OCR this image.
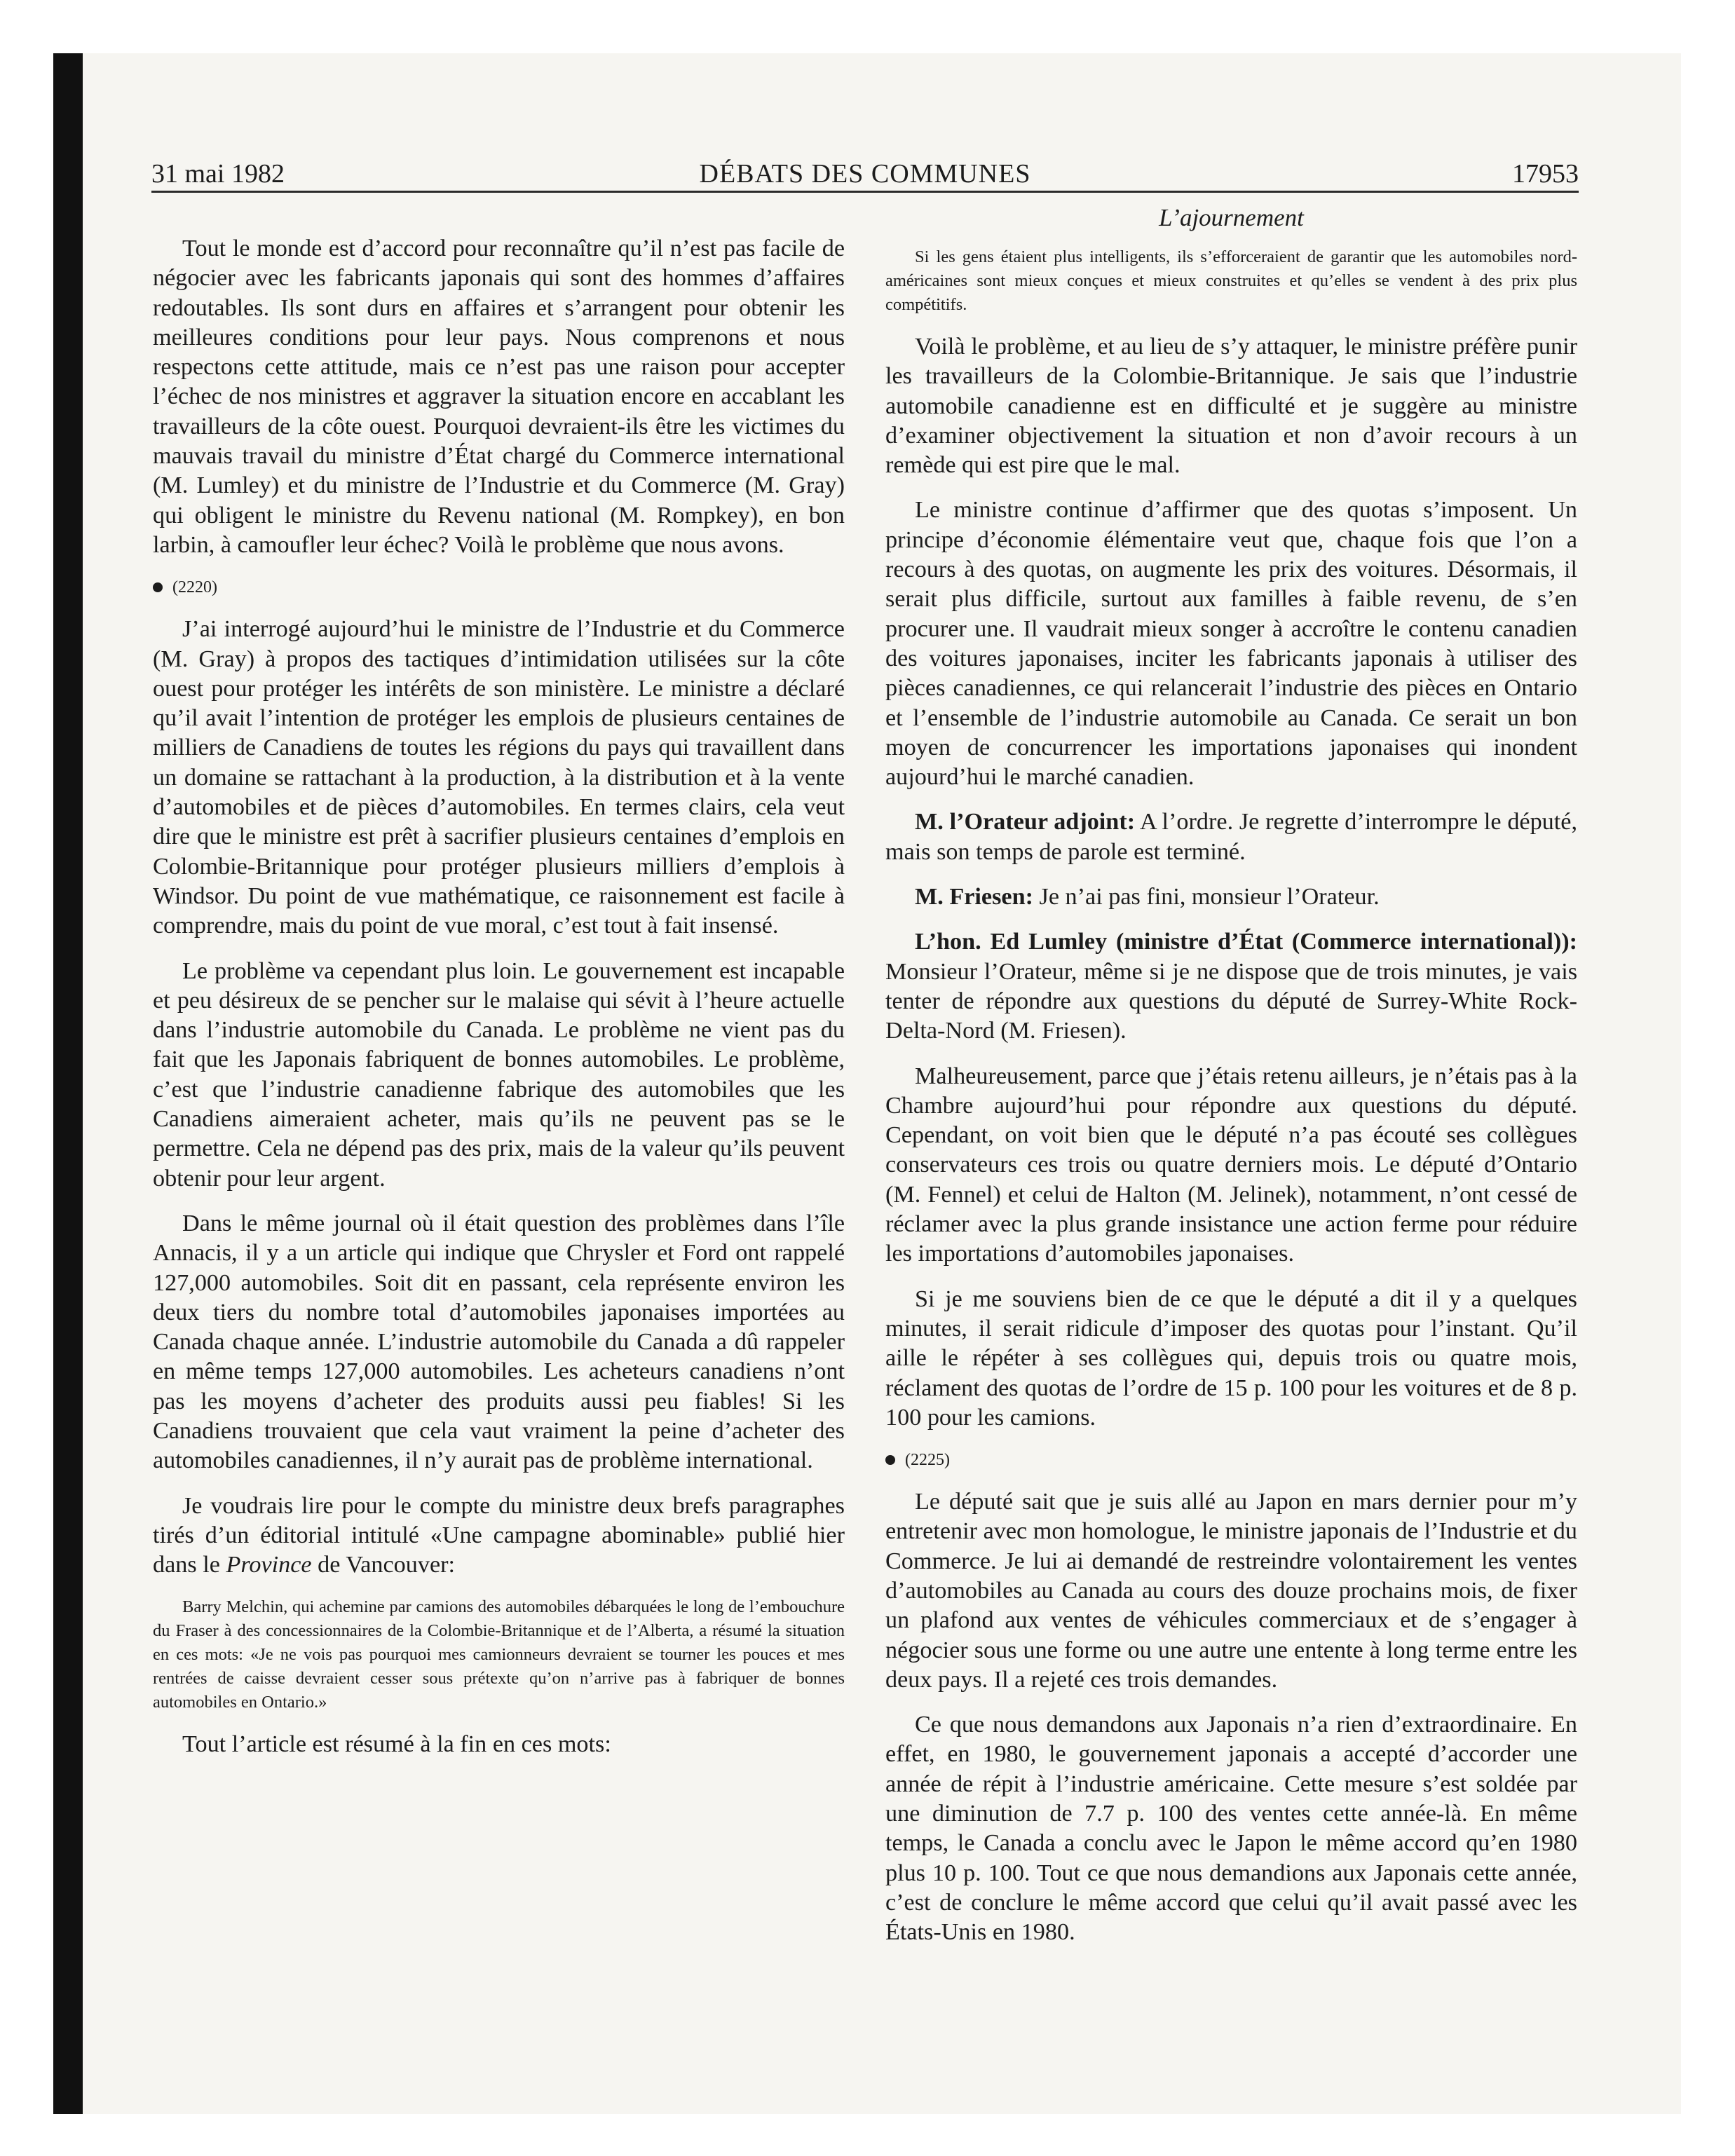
31 mai 1982	DÉBATS DES COMMUNES	17953

Tout le monde est d’accord pour reconnaître qu’il n’est pas facile de négocier avec les fabricants japonais qui sont des hommes d’affaires redoutables. Ils sont durs en affaires et s’arrangent pour obtenir les meilleures conditions pour leur pays. Nous comprenons et nous respectons cette attitude, mais ce n’est pas une raison pour accepter l’échec de nos ministres et aggraver la situation encore en accablant les travailleurs de la côte ouest. Pourquoi devraient-ils être les victimes du mauvais travail du ministre d’État chargé du Commerce international (M. Lumley) et du ministre de l’Industrie et du Commerce (M. Gray) qui obligent le ministre du Revenu national (M. Rompkey), en bon larbin, à camoufler leur échec? Voilà le problème que nous avons.

(2220)

J’ai interrogé aujourd’hui le ministre de l’Industrie et du Commerce (M. Gray) à propos des tactiques d’intimidation utilisées sur la côte ouest pour protéger les intérêts de son ministère. Le ministre a déclaré qu’il avait l’intention de protéger les emplois de plusieurs centaines de milliers de Canadiens de toutes les régions du pays qui travaillent dans un domaine se rattachant à la production, à la distribution et à la vente d’automobiles et de pièces d’automobiles. En termes clairs, cela veut dire que le ministre est prêt à sacrifier plusieurs centaines d’emplois en Colombie-Britannique pour protéger plusieurs milliers d’emplois à Windsor. Du point de vue mathématique, ce raisonnement est facile à comprendre, mais du point de vue moral, c’est tout à fait insensé.

Le problème va cependant plus loin. Le gouvernement est incapable et peu désireux de se pencher sur le malaise qui sévit à l’heure actuelle dans l’industrie automobile du Canada. Le problème ne vient pas du fait que les Japonais fabriquent de bonnes automobiles. Le problème, c’est que l’industrie canadienne fabrique des automobiles que les Canadiens aimeraient acheter, mais qu’ils ne peuvent pas se le permettre. Cela ne dépend pas des prix, mais de la valeur qu’ils peuvent obtenir pour leur argent.

Dans le même journal où il était question des problèmes dans l’île Annacis, il y a un article qui indique que Chrysler et Ford ont rappelé 127,000 automobiles. Soit dit en passant, cela représente environ les deux tiers du nombre total d’automobiles japonaises importées au Canada chaque année. L’industrie automobile du Canada a dû rappeler en même temps 127,000 automobiles. Les acheteurs canadiens n’ont pas les moyens d’acheter des produits aussi peu fiables! Si les Canadiens trouvaient que cela vaut vraiment la peine d’acheter des automobiles canadiennes, il n’y aurait pas de problème international.

Je voudrais lire pour le compte du ministre deux brefs paragraphes tirés d’un éditorial intitulé «Une campagne abominable» publié hier dans le Province de Vancouver:

Barry Melchin, qui achemine par camions des automobiles débarquées le long de l’embouchure du Fraser à des concessionnaires de la Colombie-Britannique et de l’Alberta, a résumé la situation en ces mots: «Je ne vois pas pourquoi mes camionneurs devraient se tourner les pouces et mes rentrées de caisse devraient cesser sous prétexte qu’on n’arrive pas à fabriquer de bonnes automobiles en Ontario.»

Tout l’article est résumé à la fin en ces mots:

L’ajournement

Si les gens étaient plus intelligents, ils s’efforceraient de garantir que les automobiles nord-américaines sont mieux conçues et mieux construites et qu’elles se vendent à des prix plus compétitifs.

Voilà le problème, et au lieu de s’y attaquer, le ministre préfère punir les travailleurs de la Colombie-Britannique. Je sais que l’industrie automobile canadienne est en difficulté et je suggère au ministre d’examiner objectivement la situation et non d’avoir recours à un remède qui est pire que le mal.

Le ministre continue d’affirmer que des quotas s’imposent. Un principe d’économie élémentaire veut que, chaque fois que l’on a recours à des quotas, on augmente les prix des voitures. Désormais, il serait plus difficile, surtout aux familles à faible revenu, de s’en procurer une. Il vaudrait mieux songer à accroître le contenu canadien des voitures japonaises, inciter les fabricants japonais à utiliser des pièces canadiennes, ce qui relancerait l’industrie des pièces en Ontario et l’ensemble de l’industrie automobile au Canada. Ce serait un bon moyen de concurrencer les importations japonaises qui inondent aujourd’hui le marché canadien.

M. l’Orateur adjoint: A l’ordre. Je regrette d’interrompre le député, mais son temps de parole est terminé.

M. Friesen: Je n’ai pas fini, monsieur l’Orateur.

L’hon. Ed Lumley (ministre d’État (Commerce international)): Monsieur l’Orateur, même si je ne dispose que de trois minutes, je vais tenter de répondre aux questions du député de Surrey-White Rock-Delta-Nord (M. Friesen).

Malheureusement, parce que j’étais retenu ailleurs, je n’étais pas à la Chambre aujourd’hui pour répondre aux questions du député. Cependant, on voit bien que le député n’a pas écouté ses collègues conservateurs ces trois ou quatre derniers mois. Le député d’Ontario (M. Fennel) et celui de Halton (M. Jelinek), notamment, n’ont cessé de réclamer avec la plus grande insistance une action ferme pour réduire les importations d’automobiles japonaises.

Si je me souviens bien de ce que le député a dit il y a quelques minutes, il serait ridicule d’imposer des quotas pour l’instant. Qu’il aille le répéter à ses collègues qui, depuis trois ou quatre mois, réclament des quotas de l’ordre de 15 p. 100 pour les voitures et de 8 p. 100 pour les camions.

(2225)

Le député sait que je suis allé au Japon en mars dernier pour m’y entretenir avec mon homologue, le ministre japonais de l’Industrie et du Commerce. Je lui ai demandé de restreindre volontairement les ventes d’automobiles au Canada au cours des douze prochains mois, de fixer un plafond aux ventes de véhicules commerciaux et de s’engager à négocier sous une forme ou une autre une entente à long terme entre les deux pays. Il a rejeté ces trois demandes.

Ce que nous demandons aux Japonais n’a rien d’extraordinaire. En effet, en 1980, le gouvernement japonais a accepté d’accorder une année de répit à l’industrie américaine. Cette mesure s’est soldée par une diminution de 7.7 p. 100 des ventes cette année-là. En même temps, le Canada a conclu avec le Japon le même accord qu’en 1980 plus 10 p. 100. Tout ce que nous demandions aux Japonais cette année, c’est de conclure le même accord que celui qu’il avait passé avec les États-Unis en 1980.
